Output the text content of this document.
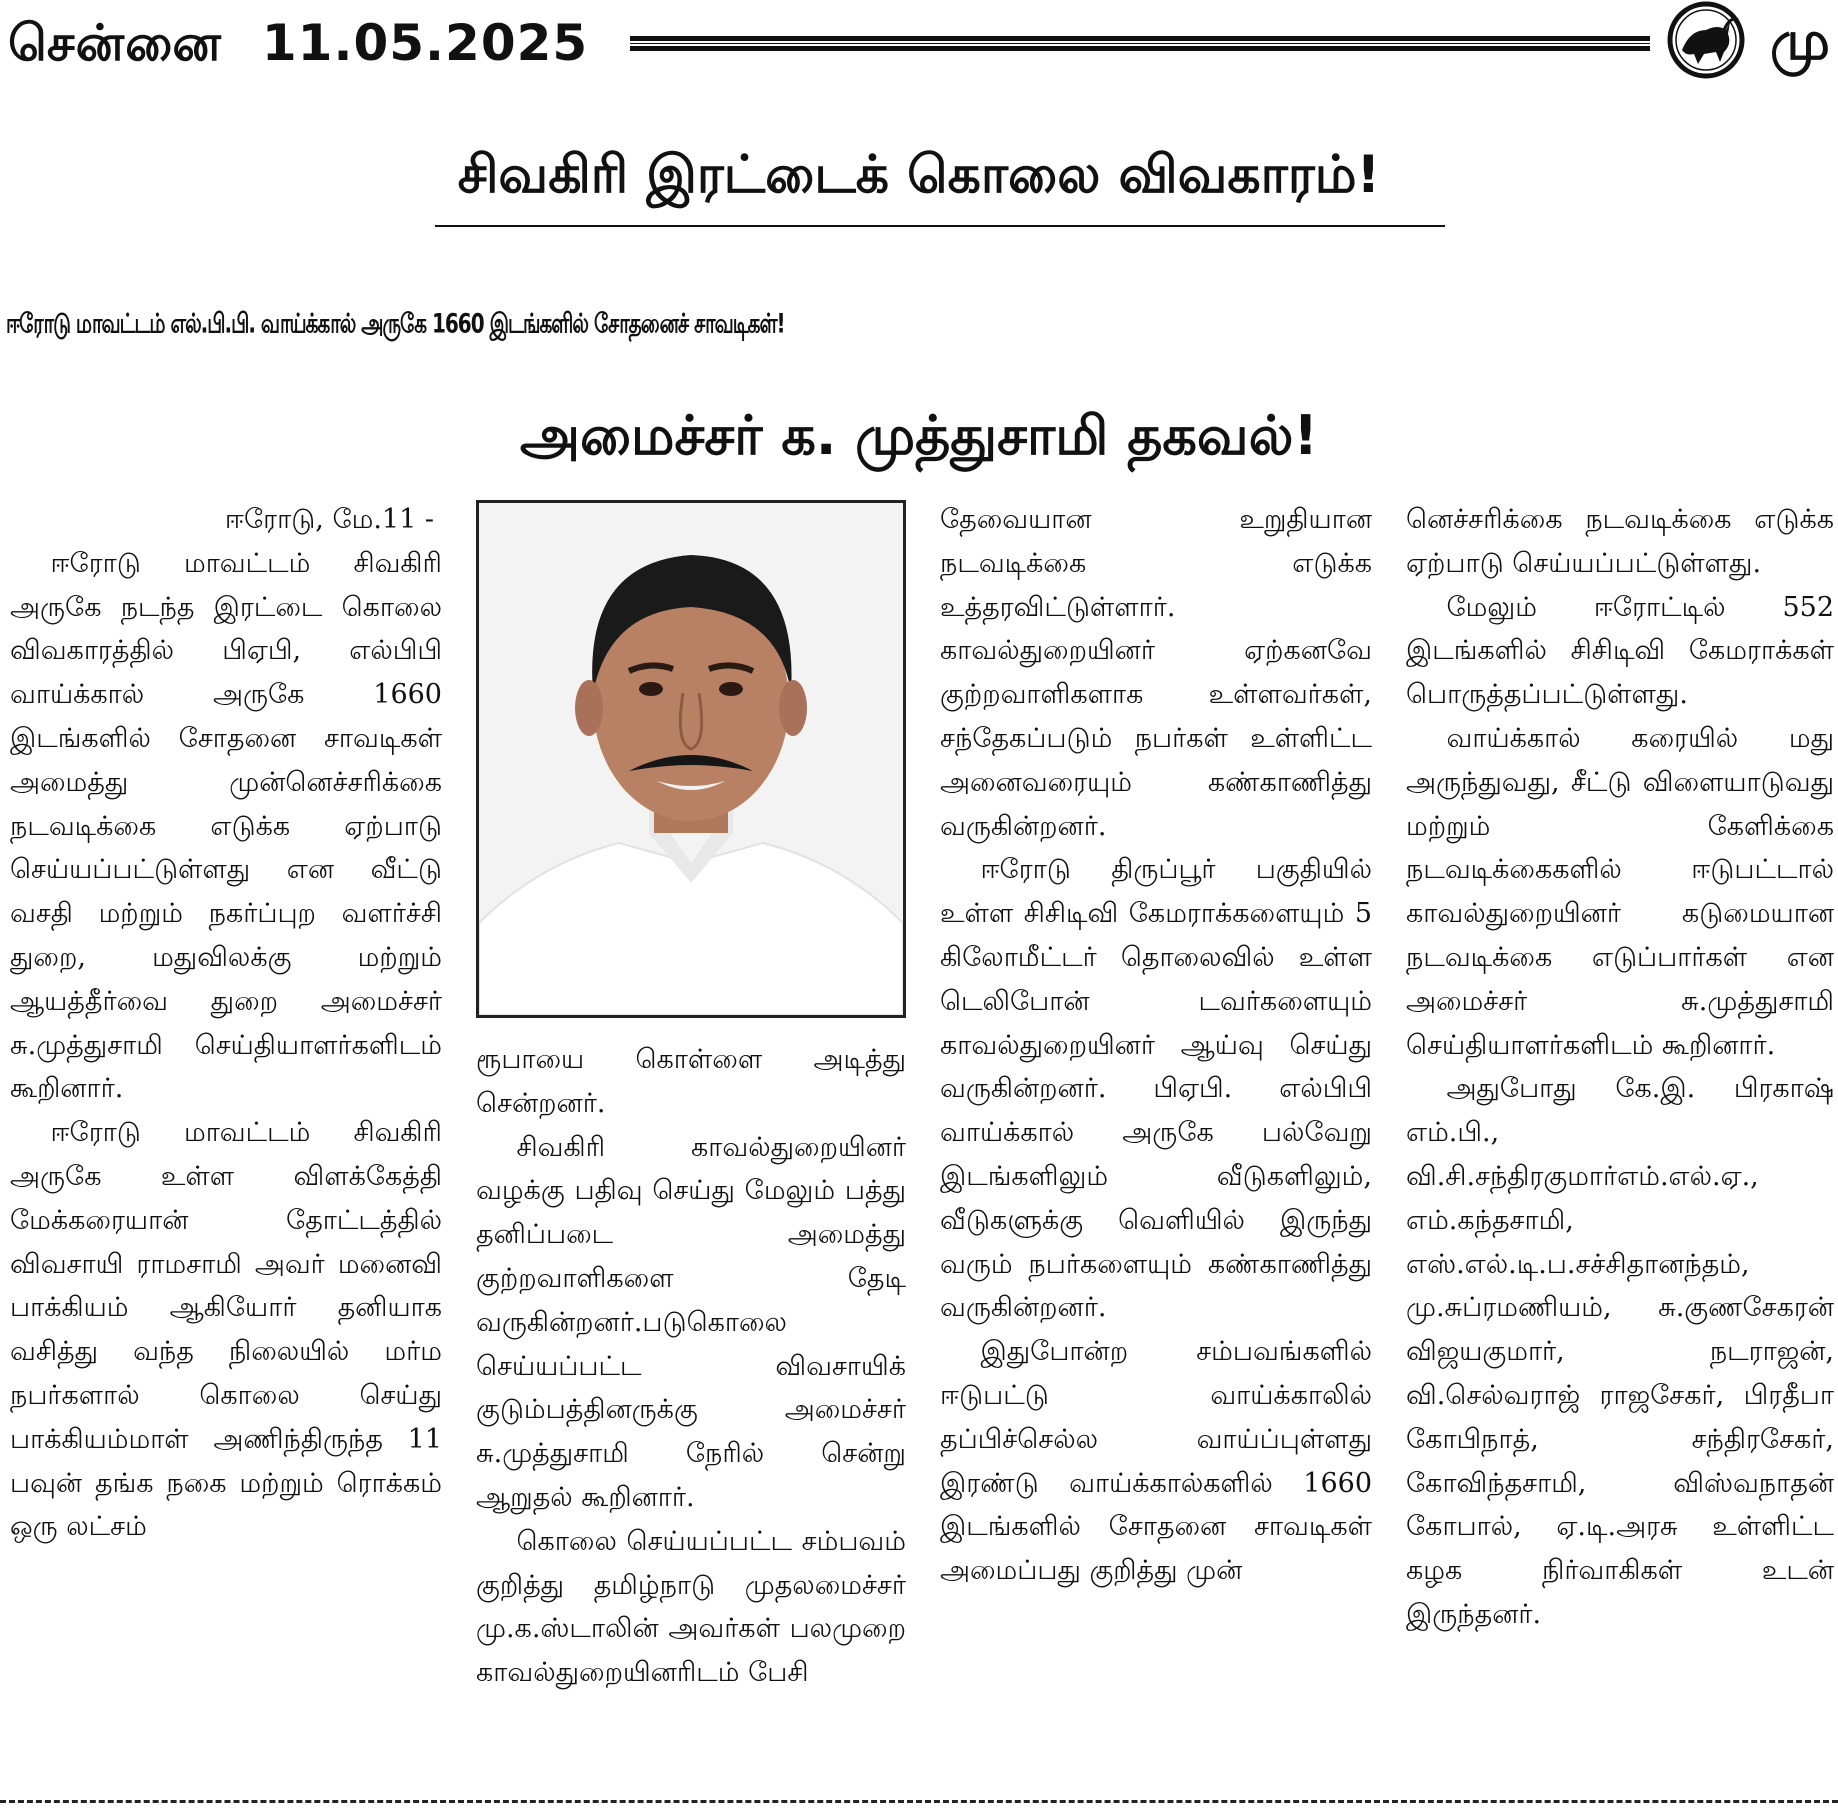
சென்னை 11.05.2025	மு
சிவகிரி இரட்டைக் கொலை விவகாரம்!
ஈரோடு மாவட்டம் எல்.பி.பி. வாய்க்கால் அருகே 1660 இடங்களில் சோதனைச் சாவடிகள்!
அமைச்சர் க. முத்துசாமி தகவல்!
ஈரோடு, மே.11 -

ஈரோடு மாவட்டம் சிவகிரி அருகே நடந்த இரட்டை கொலை விவகாரத்தில் பிஏபி, எல்பிபி வாய்க்கால் அருகே 1660 இடங்களில் சோதனை சாவடிகள் அமைத்து முன்னெச்சரிக்கை நடவடிக்கை எடுக்க ஏற்பாடு செய்யப்பட்டுள்ளது என வீட்டு வசதி மற்றும் நகர்ப்புற வளர்ச்சி துறை, மதுவிலக்கு மற்றும் ஆயத்தீர்வை துறை அமைச்சர் சு.முத்துசாமி செய்தியாளர்களிடம் கூறினார்.

ஈரோடு மாவட்டம் சிவகிரி அருகே உள்ள விளக்கேத்தி மேக்கரையான் தோட்டத்தில் விவசாயி ராமசாமி அவர் மனைவி பாக்கியம் ஆகியோர் தனியாக வசித்து வந்த நிலையில் மர்ம நபர்களால் கொலை செய்து பாக்கியம்மாள் அணிந்திருந்த 11 பவுன் தங்க நகை மற்றும் ரொக்கம் ஒரு லட்சம்

ரூபாயை கொள்ளை அடித்து சென்றனர்.

சிவகிரி காவல்துறையினர் வழக்கு பதிவு செய்து மேலும் பத்து தனிப்படை அமைத்து குற்றவாளிகளை தேடி வருகின்றனர்.படுகொலை செய்யப்பட்ட விவசாயிக் குடும்பத்தினருக்கு அமைச்சர் சு.முத்துசாமி நேரில் சென்று ஆறுதல் கூறினார்.

கொலை செய்யப்பட்ட சம்பவம் குறித்து தமிழ்நாடு முதலமைச்சர் மு.க.ஸ்டாலின் அவர்கள் பலமுறை காவல்துறையினரிடம் பேசி

தேவையான உறுதியான நடவடிக்கை எடுக்க உத்தரவிட்டுள்ளார். காவல்துறையினர் ஏற்கனவே குற்றவாளிகளாக உள்ளவர்கள், சந்தேகப்படும் நபர்கள் உள்ளிட்ட அனைவரையும் கண்காணித்து வருகின்றனர்.

ஈரோடு திருப்பூர் பகுதியில் உள்ள சிசிடிவி கேமராக்களையும் 5 கிலோமீட்டர் தொலைவில் உள்ள டெலிபோன் டவர்களையும் காவல்துறையினர் ஆய்வு செய்து வருகின்றனர். பிஏபி. எல்பிபி வாய்க்கால் அருகே பல்வேறு இடங்களிலும் வீடுகளிலும், வீடுகளுக்கு வெளியில் இருந்து வரும் நபர்களையும் கண்காணித்து வருகின்றனர்.

இதுபோன்ற சம்பவங்களில் ஈடுபட்டு வாய்க்காலில் தப்பிச்செல்ல வாய்ப்புள்ளது இரண்டு வாய்க்கால்களில் 1660 இடங்களில் சோதனை சாவடிகள் அமைப்பது குறித்து முன்

னெச்சரிக்கை நடவடிக்கை எடுக்க ஏற்பாடு செய்யப்பட்டுள்ளது.

மேலும் ஈரோட்டில் 552 இடங்களில் சிசிடிவி கேமராக்கள் பொருத்தப்பட்டுள்ளது.

வாய்க்கால் கரையில் மது அருந்துவது, சீட்டு விளையாடுவது மற்றும் கேளிக்கை நடவடிக்கைகளில் ஈடுபட்டால் காவல்துறையினர் கடுமையான நடவடிக்கை எடுப்பார்கள் என அமைச்சர் சு.முத்துசாமி செய்தியாளர்களிடம் கூறினார்.

அதுபோது கே.இ. பிரகாஷ் எம்.பி., வி.சி.சந்திரகுமார்எம்.எல்.ஏ., எம்.கந்தசாமி, எஸ்.எல்.டி.ப.சச்சிதானந்தம், மு.சுப்ரமணியம், சு.குணசேகரன் விஜயகுமார், நடராஜன், வி.செல்வராஜ் ராஜசேகர், பிரதீபா கோபிநாத், சந்திரசேகர், கோவிந்தசாமி, விஸ்வநாதன் கோபால், ஏ.டி.அரசு உள்ளிட்ட கழக நிர்வாகிகள் உடன் இருந்தனர்.
